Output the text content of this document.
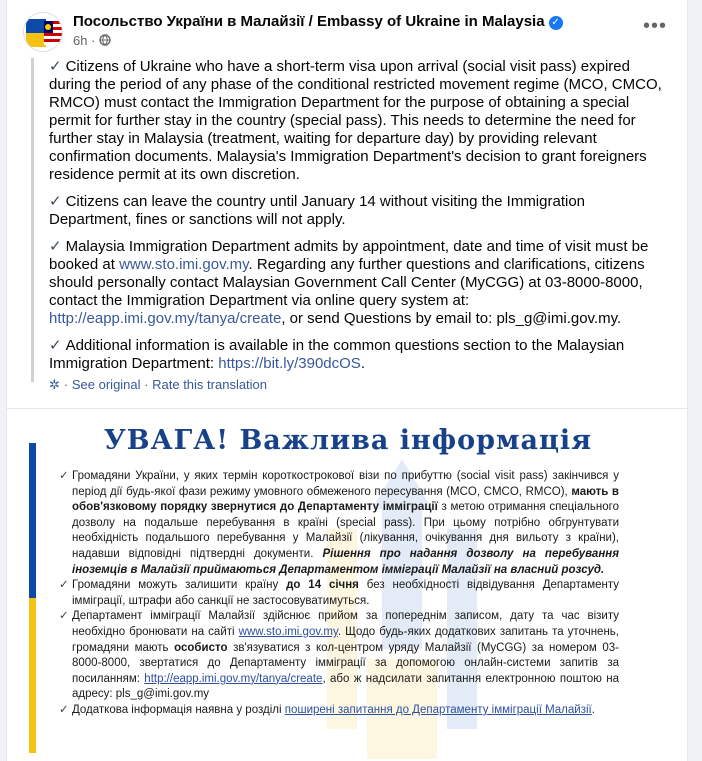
Посольство України в Малайзії / Embassy of Ukraine in Malaysia ✓
6h ·
•••

✓ Citizens of Ukraine who have a short-term visa upon arrival (social visit pass) expired during the period of any phase of the conditional restricted movement regime (MCO, CMCO, RMCO) must contact the Immigration Department for the purpose of obtaining a special permit for further stay in the country (special pass). This needs to determine the need for further stay in Malaysia (treatment, waiting for departure day) by providing relevant confirmation documents. Malaysia's Immigration Department's decision to grant foreigners residence permit at its own discretion.

✓ Citizens can leave the country until January 14 without visiting the Immigration Department, fines or sanctions will not apply.

✓ Malaysia Immigration Department admits by appointment, date and time of visit must be booked at www.sto.imi.gov.my. Regarding any further questions and clarifications, citizens should personally contact Malaysian Government Call Center (MyCGG) at 03-8000-8000, contact the Immigration Department via online query system at: http://eapp.imi.gov.my/tanya/create, or send Questions by email to: pls_g@imi.gov.my.

✓ Additional information is available in the common questions section to the Malaysian Immigration Department: https://bit.ly/390dcOS.

✲ · See original · Rate this translation
УВАГА! Важлива інформація
✓ Громадяни України, у яких термін короткострокової візи по прибуттю (social visit pass) закінчився у період дії будь-якої фази режиму умовного обмеженого пересування (MCO, CMCO, RMCO), мають в обов'язковому порядку звернутися до Департаменту імміграції з метою отримання спеціального дозволу на подальше перебування в країні (special pass). При цьому потрібно обгрунтувати необхідність подальшого перебування у Малайзії (лікування, очікування дня вильоту з країни), надавши відповідні підтвердні документи. Рішення про надання дозволу на перебування іноземців в Малайзії приймаються Департаментом імміграції Малайзії на власний розсуд.
✓ Громадяни можуть залишити країну до 14 січня без необхідності відвідування Департаменту імміграції, штрафи або санкції не застосовуватимуться.
✓ Департамент імміграції Малайзії здійснює прийом за попереднім записом, дату та час візиту необхідно бронювати на сайті www.sto.imi.gov.my. Щодо будь-яких додаткових запитань та уточнень, громадяни мають особисто зв'язуватися з кол-центром уряду Малайзії (MyCGG) за номером 03-8000-8000, звертатися до Департаменту імміграції за допомогою онлайн-системи запитів за посиланням: http://eapp.imi.gov.my/tanya/create, або ж надсилати запитання електронною поштою на адресу: pls_g@imi.gov.my
✓ Додаткова інформація наявна у розділі поширені запитання до Департаменту імміграції Малайзії.
